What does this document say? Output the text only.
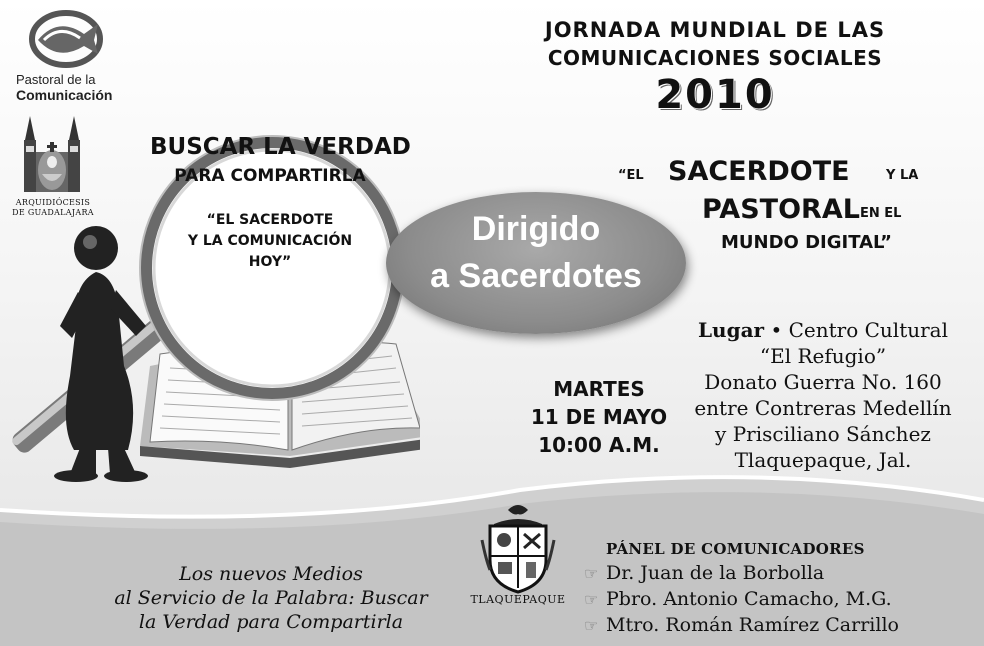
Pastoral de la
Comunicación
ARQUIDIÓCESIS
DE GUADALAJARA
JORNADA MUNDIAL DE LAS
COMUNICACIONES SOCIALES
2010
BUSCAR LA VERDAD
PARA COMPARTIRLA
“EL SACERDOTE
Y LA COMUNICACIÓN
HOY”
Dirigido
a Sacerdotes
“EL SACERDOTE	Y LA
PASTORAL EN EL
MUNDO DIGITAL”
MARTES
11 DE MAYO
10:00 A.M.
Lugar • Centro Cultural
“El Refugio”
Donato Guerra No. 160
entre Contreras Medellín
y Prisciliano Sánchez
Tlaquepaque, Jal.
Los nuevos Medios
al Servicio de la Palabra: Buscar
la Verdad para Compartirla
TLAQUEPAQUE
PÁNEL DE COMUNICADORES
☞ Dr. Juan de la Borbolla
☞ Pbro. Antonio Camacho, M.G.
☞ Mtro. Román Ramírez Carrillo
